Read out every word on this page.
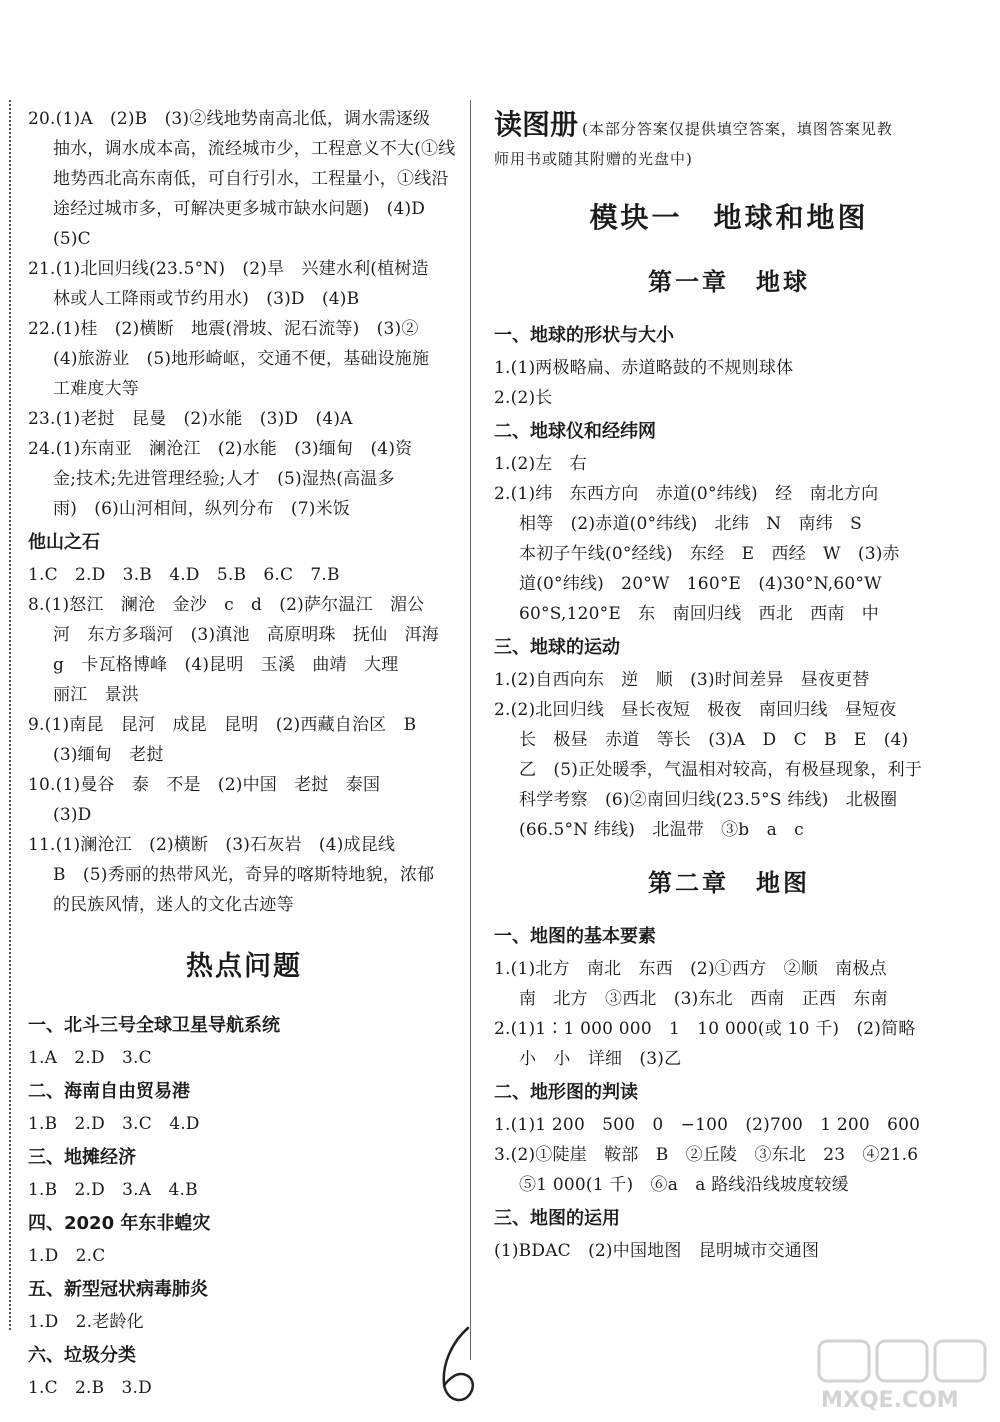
20.(1)A　(2)B　(3)②线地势南高北低，调水需逐级
抽水，调水成本高，流经城市少，工程意义不大(①线
地势西北高东南低，可自行引水，工程量小，①线沿
途经过城市多，可解决更多城市缺水问题)　(4)D
(5)C

21.(1)北回归线(23.5°N)　(2)旱　兴建水利(植树造
林或人工降雨或节约用水)　(3)D　(4)B

22.(1)桂　(2)横断　地震(滑坡、泥石流等)　(3)②
(4)旅游业　(5)地形崎岖，交通不便，基础设施施
工难度大等

23.(1)老挝　昆曼　(2)水能　(3)D　(4)A

24.(1)东南亚　澜沧江　(2)水能　(3)缅甸　(4)资
金;技术;先进管理经验;人才　(5)湿热(高温多
雨)　(6)山河相间，纵列分布　(7)米饭

他山之石

1.C　2.D　3.B　4.D　5.B　6.C　7.B

8.(1)怒江　澜沧　金沙　c　d　(2)萨尔温江　湄公
河　东方多瑙河　(3)滇池　高原明珠　抚仙　洱海
g　卡瓦格博峰　(4)昆明　玉溪　曲靖　大理
丽江　景洪

9.(1)南昆　昆河　成昆　昆明　(2)西藏自治区　B
(3)缅甸　老挝

10.(1)曼谷　泰　不是　(2)中国　老挝　泰国
(3)D

11.(1)澜沧江　(2)横断　(3)石灰岩　(4)成昆线
B　(5)秀丽的热带风光，奇异的喀斯特地貌，浓郁
的民族风情，迷人的文化古迹等

热点问题
一、北斗三号全球卫星导航系统

1.A　2.D　3.C

二、海南自由贸易港

1.B　2.D　3.C　4.D

三、地摊经济

1.B　2.D　3.A　4.B

四、2020 年东非蝗灾

1.D　2.C

五、新型冠状病毒肺炎

1.D　2.老龄化

六、垃圾分类

1.C　2.B　3.D

读图册 (本部分答案仅提供填空答案，填图答案见教
师用书或随其附赠的光盘中)
模块一　地球和地图
第一章　地球
一、地球的形状与大小

1.(1)两极略扁、赤道略鼓的不规则球体

2.(2)长

二、地球仪和经纬网

1.(2)左　右

2.(1)纬　东西方向　赤道(0°纬线)　经　南北方向
相等　(2)赤道(0°纬线)　北纬　N　南纬　S
本初子午线(0°经线)　东经　E　西经　W　(3)赤
道(0°纬线)　20°W　160°E　(4)30°N,60°W
60°S,120°E　东　南回归线　西北　西南　中

三、地球的运动

1.(2)自西向东　逆　顺　(3)时间差异　昼夜更替

2.(2)北回归线　昼长夜短　极夜　南回归线　昼短夜
长　极昼　赤道　等长　(3)A　D　C　B　E　(4)
乙　(5)正处暖季，气温相对较高，有极昼现象，利于
科学考察　(6)②南回归线(23.5°S 纬线)　北极圈
(66.5°N 纬线)　北温带　③b　a　c

第二章　地图
一、地图的基本要素

1.(1)北方　南北　东西　(2)①西方　②顺　南极点
南　北方　③西北　(3)东北　西南　正西　东南

2.(1)1∶1 000 000　1　10 000(或 10 千)　(2)简略
小　小　详细　(3)乙

二、地形图的判读

1.(1)1 200　500　0　−100　(2)700　1 200　600

3.(2)①陡崖　鞍部　B　②丘陵　③东北　23　④21.6
⑤1 000(1 千)　⑥a　a 路线沿线坡度较缓

三、地图的运用

(1)BDAC　(2)中国地图　昆明城市交通图

MXQE.COM
